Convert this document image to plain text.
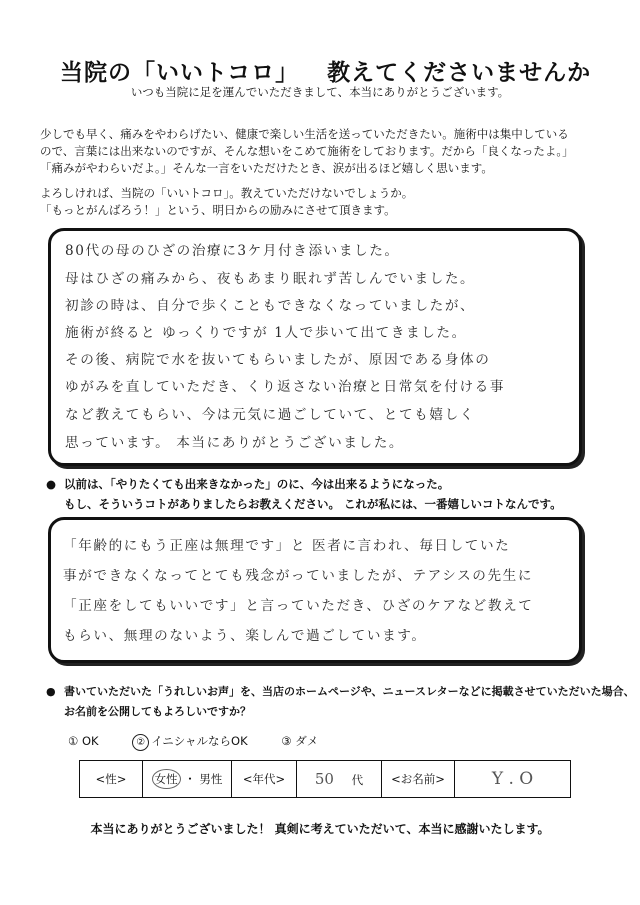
当院の「いいトコロ」 教えてくださいませんか
いつも当院に足を運んでいただきまして、本当にありがとうございます。
少しでも早く、痛みをやわらげたい、健康で楽しい生活を送っていただきたい。施術中は集中している
ので、言葉には出来ないのですが、そんな想いをこめて施術をしております。だから「良くなったよ。」
「痛みがやわらいだよ。」そんな一言をいただけたとき、涙が出るほど嬉しく思います。
よろしければ、当院の「いいトコロ」。教えていただけないでしょうか。
「もっとがんばろう！」という、明日からの励みにさせて頂きます。
80代の母のひざの治療に3ケ月付き添いました。
母はひざの痛みから、夜もあまり眠れず苦しんでいました。
初診の時は、自分で歩くこともできなくなっていましたが、
施術が終ると ゆっくりですが 1人で歩いて出てきました。
その後、病院で水を抜いてもらいましたが、原因である身体の
ゆがみを直していただき、くり返さない治療と日常気を付ける事
など教えてもらい、今は元気に過ごしていて、とても嬉しく
思っています。 本当にありがとうございました。
● 以前は、「やりたくても出来きなかった」のに、今は出来るようになった。
もし、そういうコトがありましたらお教えください。 これが私には、一番嬉しいコトなんです。
「年齢的にもう正座は無理です」と 医者に言われ、毎日していた
事ができなくなってとても残念がっていましたが、テアシスの先生に
「正座をしてもいいです」と言っていただき、ひざのケアなど教えて
もらい、無理のないよう、楽しんで過ごしています。
● 書いていただいた「うれしいお声」を、当店のホームページや、ニュースレターなどに掲載させていただいた場合、
お名前を公開してもよろしいですか？
① OK	② イニシャルならOK	③ ダメ
<性>	女性 ・ 男性	<年代>	50 代	<お名前>	Y . O
本当にありがとうございました！ 真剣に考えていただいて、本当に感謝いたします。
